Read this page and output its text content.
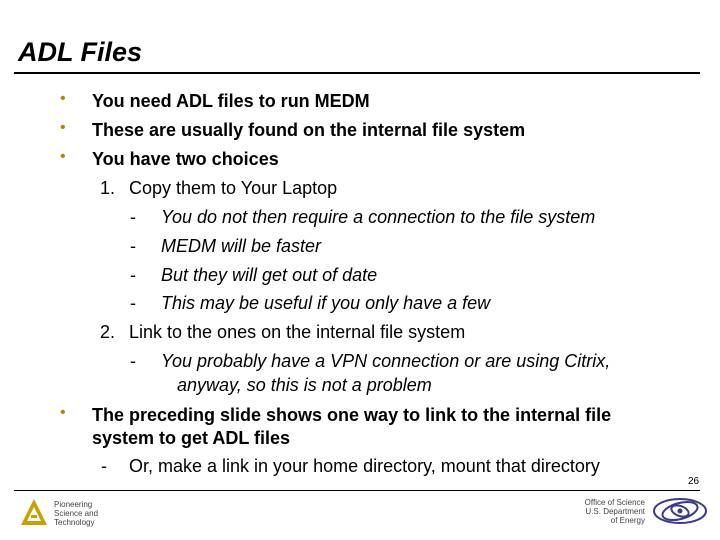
ADL Files
• You need ADL files to run MEDM
• These are usually found on the internal file system
• You have two choices
1. Copy them to Your Laptop
- You do not then require a connection to the file system
- MEDM will be faster
- But they will get out of date
- This may be useful if you only have a few
2. Link to the ones on the internal file system
- You probably have a VPN connection or are using Citrix,
anyway, so this is not a problem
• The preceding slide shows one way to link to the internal file
system to get ADL files
- Or, make a link in your home directory, mount that directory
26
Pioneering
Science and
Technology
Office of Science
U.S. Department
of Energy
